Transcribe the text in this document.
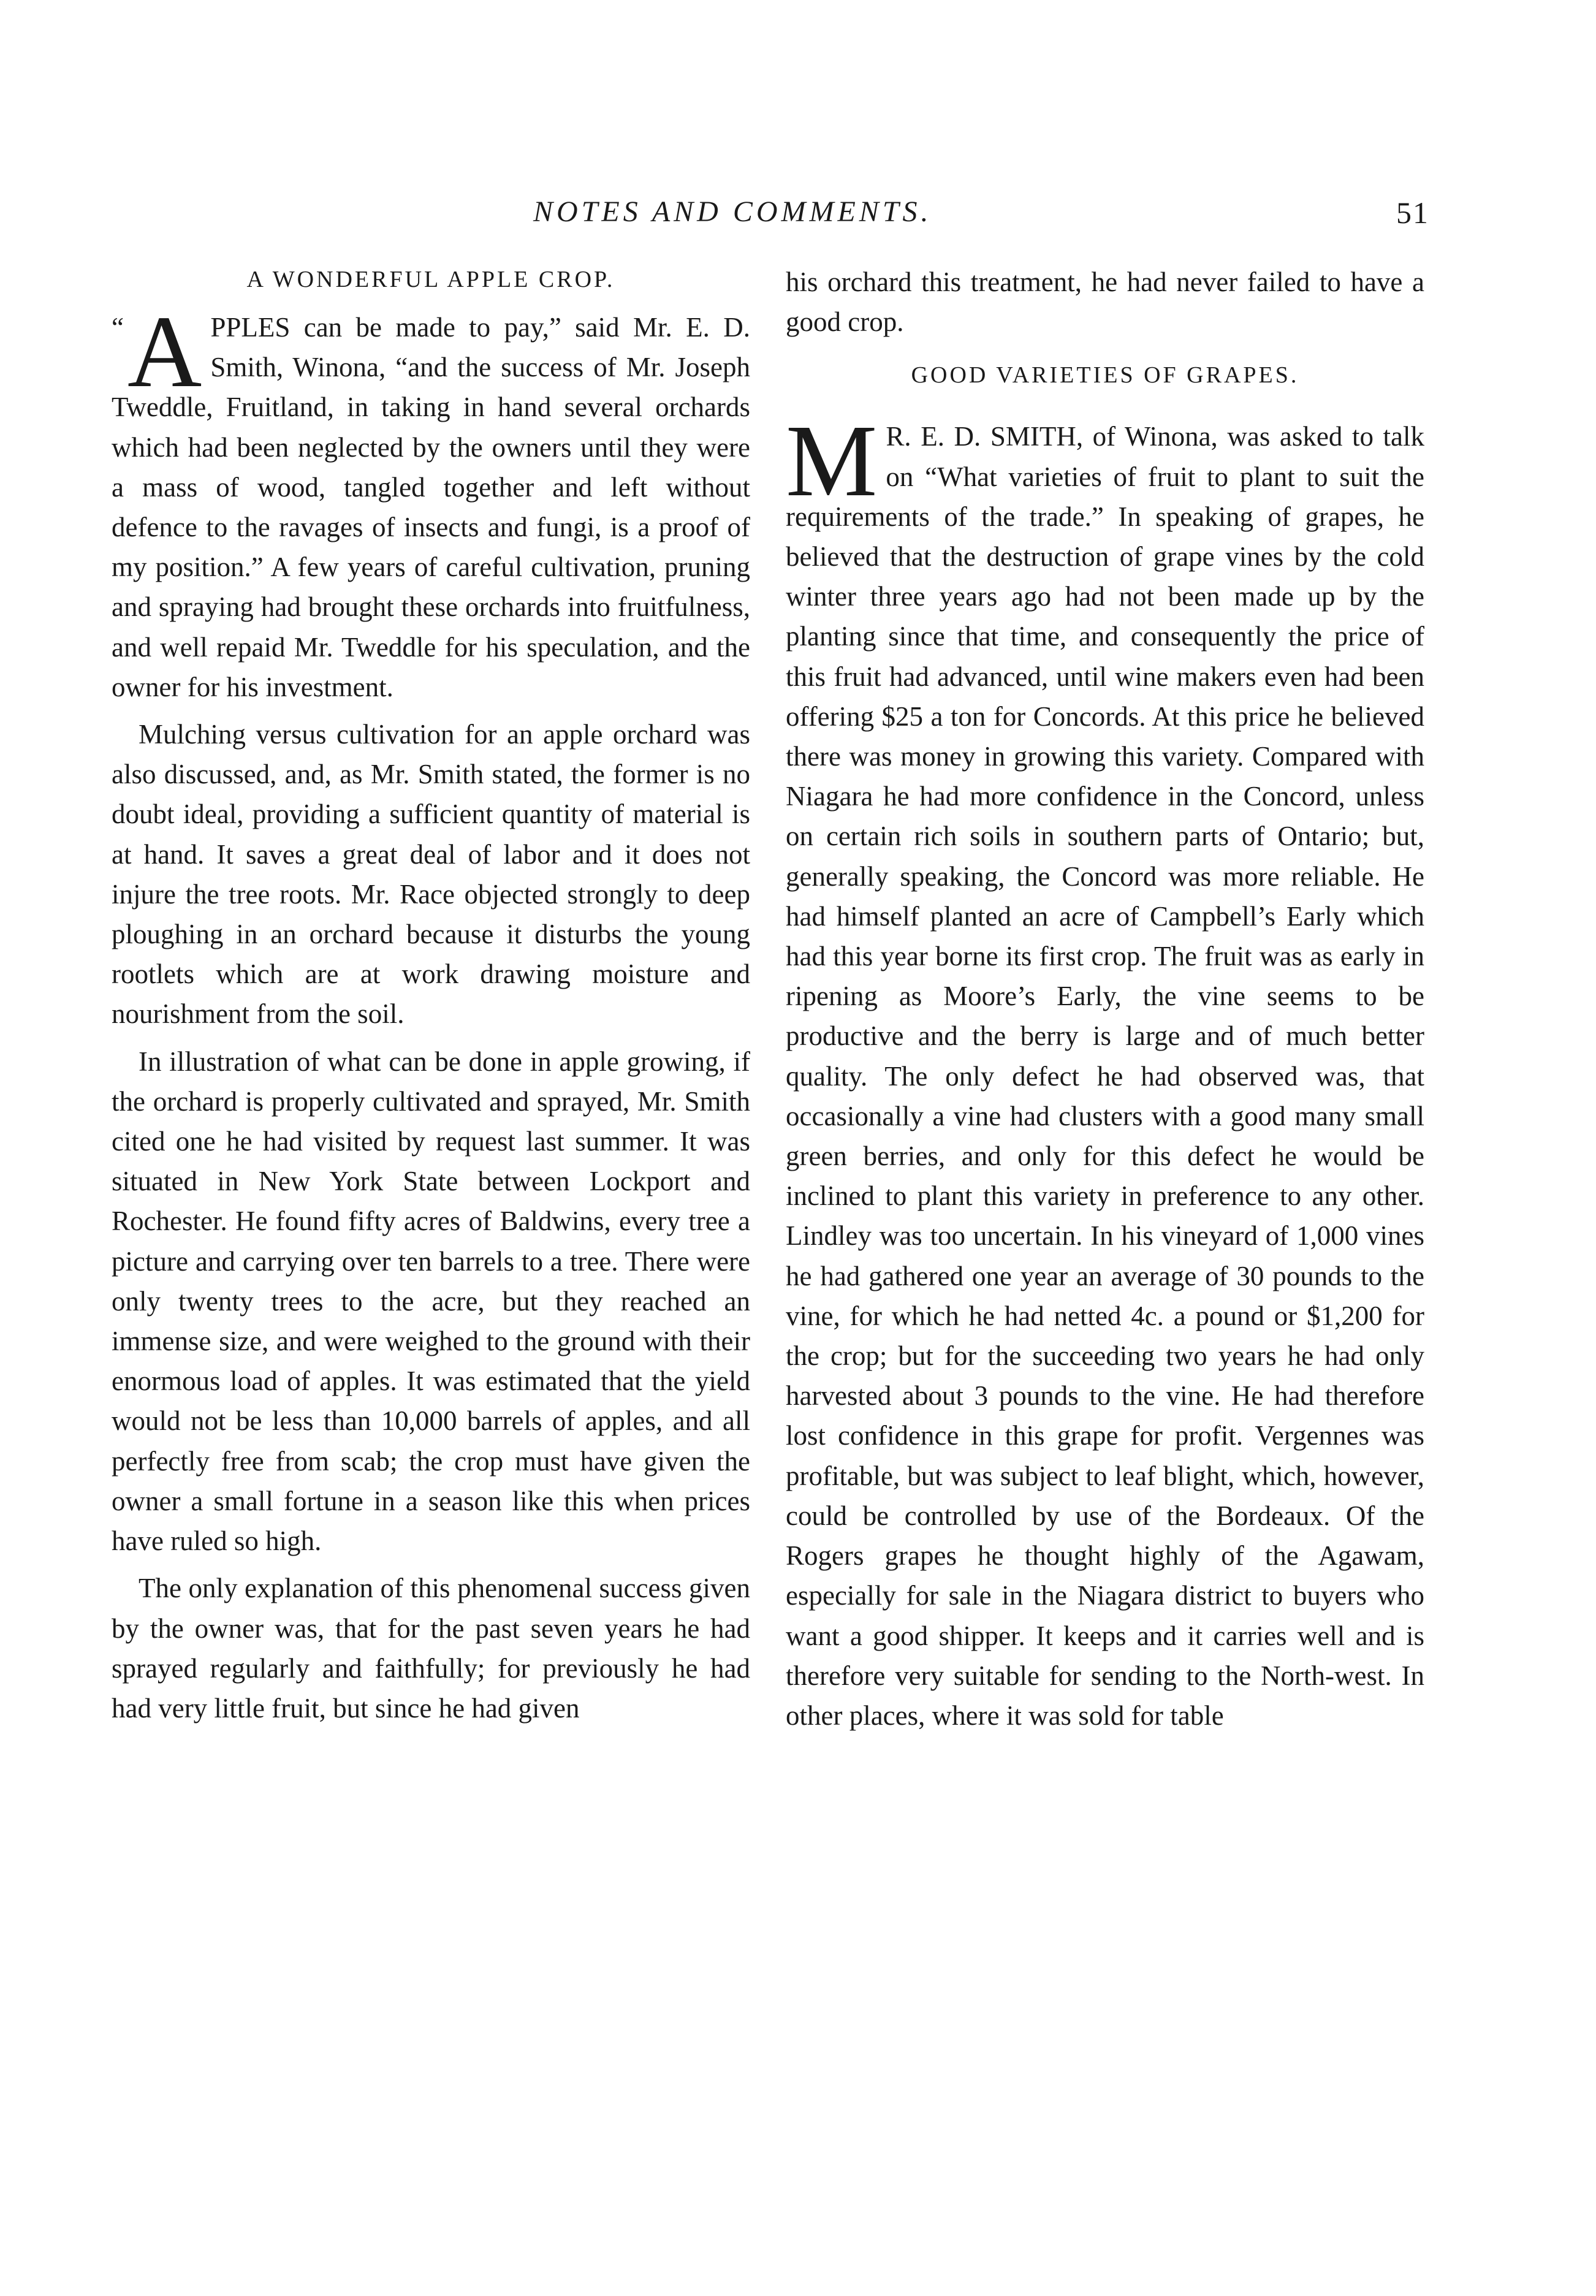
NOTES AND COMMENTS.	51
A WONDERFUL APPLE CROP.

“ A PPLES can be made to pay,” said Mr. E. D. Smith, Winona, “and the success of Mr. Joseph Tweddle, Fruitland, in taking in hand several orchards which had been neglected by the owners until they were a mass of wood, tangled together and left without defence to the ravages of insects and fungi, is a proof of my position.” A few years of careful cultivation, pruning and spraying had brought these orchards into fruitfulness, and well repaid Mr. Tweddle for his speculation, and the owner for his investment.

Mulching versus cultivation for an apple orchard was also discussed, and, as Mr. Smith stated, the former is no doubt ideal, providing a sufficient quantity of material is at hand. It saves a great deal of labor and it does not injure the tree roots. Mr. Race objected strongly to deep ploughing in an orchard because it disturbs the young rootlets which are at work drawing moisture and nourishment from the soil.

In illustration of what can be done in apple growing, if the orchard is properly cultivated and sprayed, Mr. Smith cited one he had visited by request last summer. It was situated in New York State between Lockport and Rochester. He found fifty acres of Baldwins, every tree a picture and carrying over ten barrels to a tree. There were only twenty trees to the acre, but they reached an immense size, and were weighed to the ground with their enormous load of apples. It was estimated that the yield would not be less than 10,000 barrels of apples, and all perfectly free from scab; the crop must have given the owner a small fortune in a season like this when prices have ruled so high.

The only explanation of this phenomenal success given by the owner was, that for the past seven years he had sprayed regularly and faithfully; for previously he had had very little fruit, but since he had given

his orchard this treatment, he had never failed to have a good crop.

GOOD VARIETIES OF GRAPES.

M R. E. D. SMITH, of Winona, was asked to talk on “What varieties of fruit to plant to suit the requirements of the trade.” In speaking of grapes, he believed that the destruction of grape vines by the cold winter three years ago had not been made up by the planting since that time, and consequently the price of this fruit had advanced, until wine makers even had been offering $25 a ton for Concords. At this price he believed there was money in growing this variety. Compared with Niagara he had more confidence in the Concord, unless on certain rich soils in southern parts of Ontario; but, generally speaking, the Concord was more reliable. He had himself planted an acre of Campbell’s Early which had this year borne its first crop. The fruit was as early in ripening as Moore’s Early, the vine seems to be productive and the berry is large and of much better quality. The only defect he had observed was, that occasionally a vine had clusters with a good many small green berries, and only for this defect he would be inclined to plant this variety in preference to any other. Lindley was too uncertain. In his vineyard of 1,000 vines he had gathered one year an average of 30 pounds to the vine, for which he had netted 4c. a pound or $1,200 for the crop; but for the succeeding two years he had only harvested about 3 pounds to the vine. He had therefore lost confidence in this grape for profit. Vergennes was profitable, but was subject to leaf blight, which, however, could be controlled by use of the Bordeaux. Of the Rogers grapes he thought highly of the Agawam, especially for sale in the Niagara district to buyers who want a good shipper. It keeps and it carries well and is therefore very suitable for sending to the North-west. In other places, where it was sold for table
